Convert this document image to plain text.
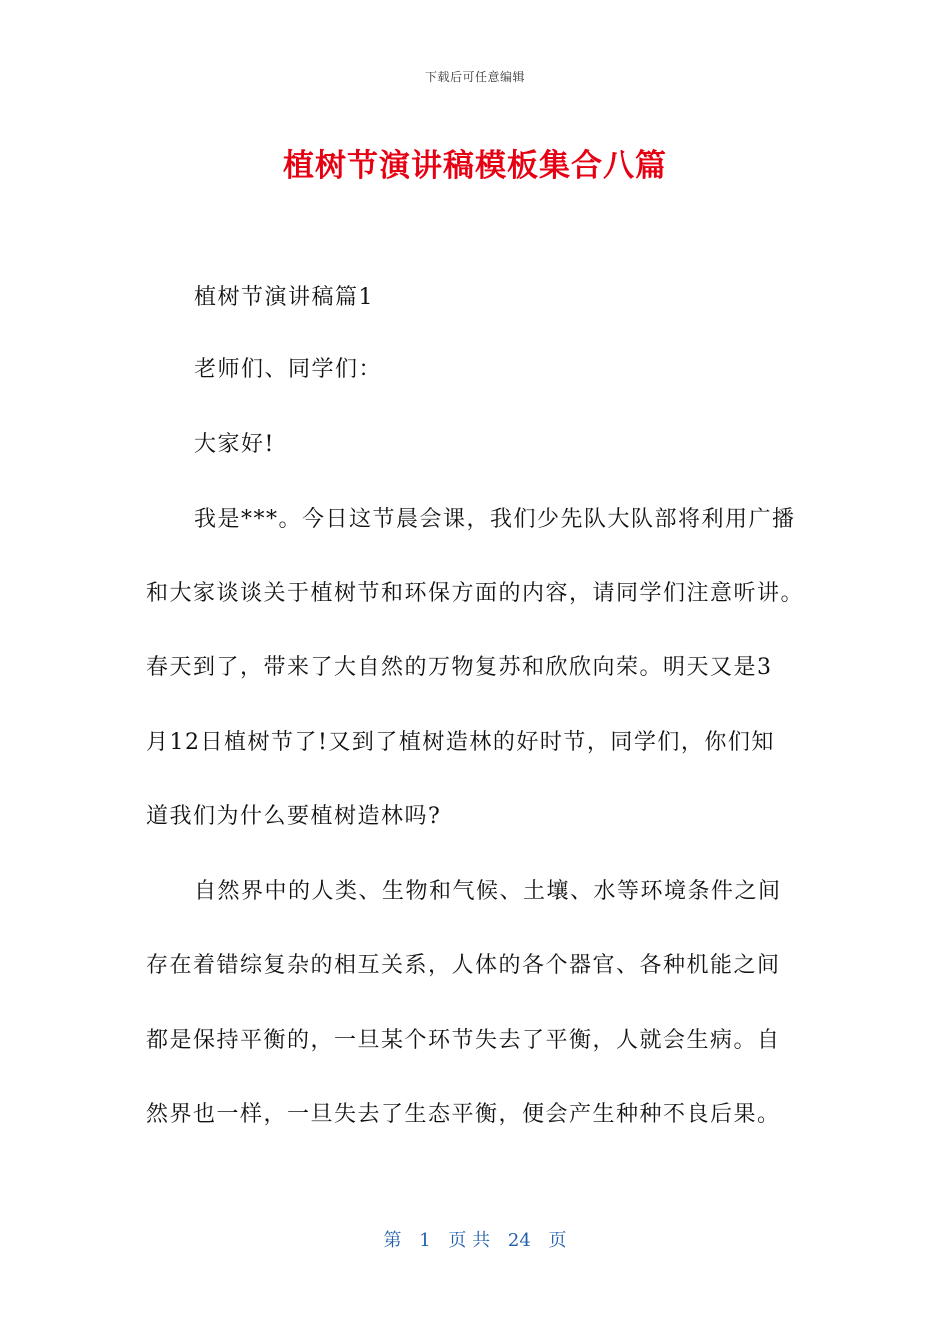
下载后可任意编辑
植树节演讲稿模板集合八篇
植树节演讲稿篇1
老师们、同学们：
大家好!
我是***。今日这节晨会课，我们少先队大队部将利用广播
和大家谈谈关于植树节和环保方面的内容，请同学们注意听讲。
春天到了，带来了大自然的万物复苏和欣欣向荣。明天又是3
月12日植树节了!又到了植树造林的好时节，同学们，你们知
道我们为什么要植树造林吗?
自然界中的人类、生物和气候、土壤、水等环境条件之间
存在着错综复杂的相互关系，人体的各个器官、各种机能之间
都是保持平衡的，一旦某个环节失去了平衡，人就会生病。自
然界也一样，一旦失去了生态平衡，便会产生种种不良后果。
第 1 页 共 24 页
